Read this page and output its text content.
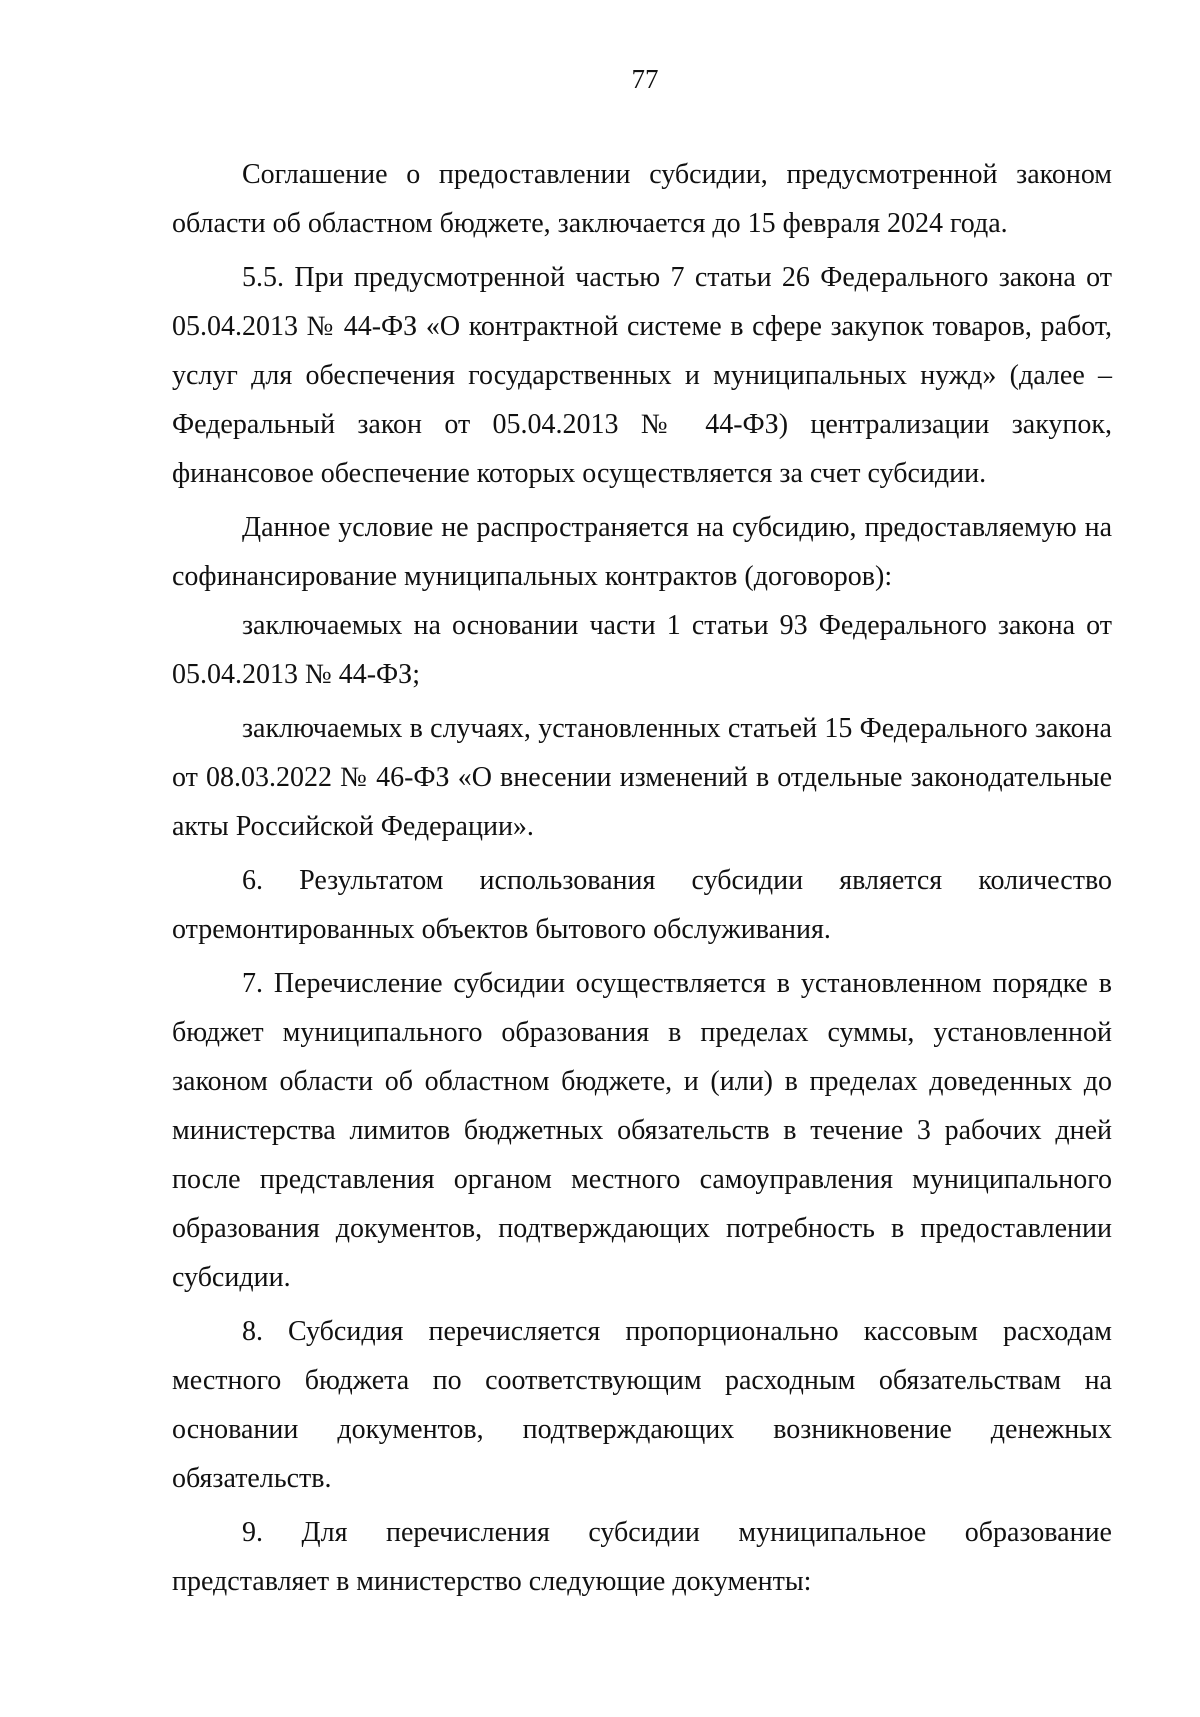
77

Соглашение о предоставлении субсидии, предусмотренной законом области об областном бюджете, заключается до 15 февраля 2024 года.

5.5. При предусмотренной частью 7 статьи 26 Федерального закона от 05.04.2013 № 44-ФЗ «О контрактной системе в сфере закупок товаров, работ, услуг для обеспечения государственных и муниципальных нужд» (далее – Федеральный закон от 05.04.2013 № 44-ФЗ) централизации закупок, финансовое обеспечение которых осуществляется за счет субсидии.

Данное условие не распространяется на субсидию, предоставляемую на софинансирование муниципальных контрактов (договоров):

заключаемых на основании части 1 статьи 93 Федерального закона от 05.04.2013 № 44-ФЗ;

заключаемых в случаях, установленных статьей 15 Федерального закона от 08.03.2022 № 46-ФЗ «О внесении изменений в отдельные законодательные акты Российской Федерации».

6. Результатом использования субсидии является количество отремонтированных объектов бытового обслуживания.

7. Перечисление субсидии осуществляется в установленном порядке в бюджет муниципального образования в пределах суммы, установленной законом области об областном бюджете, и (или) в пределах доведенных до министерства лимитов бюджетных обязательств в течение 3 рабочих дней после представления органом местного самоуправления муниципального образования документов, подтверждающих потребность в предоставлении субсидии.

8. Субсидия перечисляется пропорционально кассовым расходам местного бюджета по соответствующим расходным обязательствам на основании документов, подтверждающих возникновение денежных обязательств.

9. Для перечисления субсидии муниципальное образование представляет в министерство следующие документы:
